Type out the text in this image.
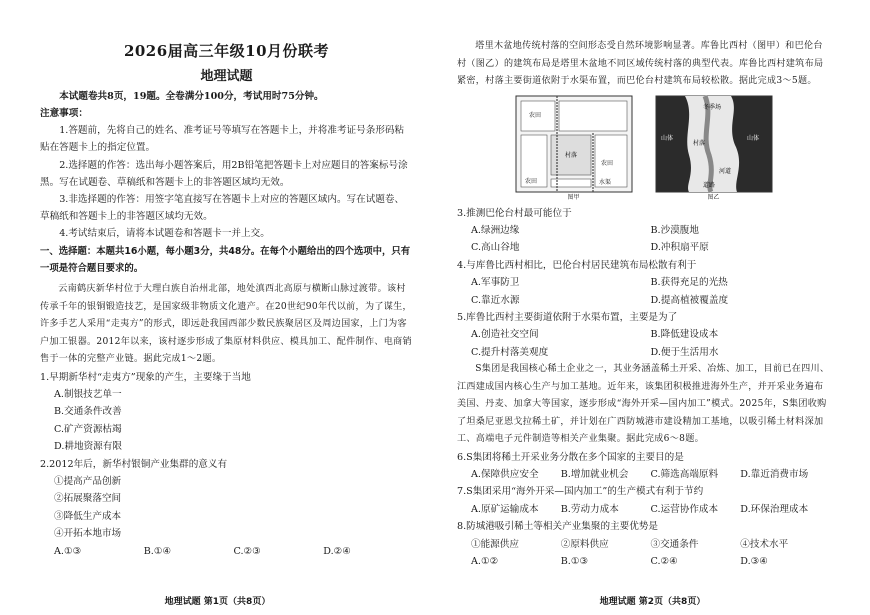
2026届高三年级10月份联考
地理试题
本试题卷共8页，19题。全卷满分100分，考试用时75分钟。
注意事项：
1.答题前，先将自己的姓名、准考证号等填写在答题卡上，并将准考证号条形码粘贴在答题卡上的指定位置。
2.选择题的作答：选出每小题答案后，用2B铅笔把答题卡上对应题目的答案标号涂黑。写在试题卷、草稿纸和答题卡上的非答题区域均无效。
3.非选择题的作答：用签字笔直接写在答题卡上对应的答题区域内。写在试题卷、草稿纸和答题卡上的非答题区域均无效。
4.考试结束后，请将本试题卷和答题卡一并上交。
一、选择题：本题共16小题，每小题3分，共48分。在每个小题给出的四个选项中，只有一项是符合题目要求的。
云南鹤庆新华村位于大理白族自治州北部，地处滇西北高原与横断山脉过渡带。该村传承千年的银铜锻造技艺，是国家级非物质文化遗产。在20世纪90年代以前，为了谋生，许多手艺人采用“走夷方”的形式，即远赴我国西部少数民族聚居区及周边国家，上门为客户加工银器。2012年以来，该村逐步形成了集原材料供应、模具加工、配件制作、电商销售于一体的完整产业链。据此完成1～2题。
1.早期新华村“走夷方”现象的产生，主要缘于当地
A.制银技艺单一
B.交通条件改善
C.矿产资源枯竭
D.耕地资源有限
2.2012年后，新华村银铜产业集群的意义有
①提高产品创新
②拓展聚落空间
③降低生产成本
④开拓本地市场
A.①③	B.①④	C.②③	D.②④
地理试题 第1页（共8页）
塔里木盆地传统村落的空间形态受自然环境影响显著。库鲁比西村（图甲）和巴伦台村（图乙）的建筑布局是塔里木盆地不同区域传统村落的典型代表。库鲁比西村建筑布局紧密，村落主要街道依附于水渠布置，而巴伦台村建筑布局较松散。据此完成3～5题。
农田
村落
农田
农田
水渠
图甲
冬季场
村落
山体	山体
河道
道路
图乙
3.推测巴伦台村最可能位于
A.绿洲边缘	B.沙漠腹地
C.高山谷地	D.冲积扇平原
4.与库鲁比西村相比，巴伦台村居民建筑布局松散有利于
A.军事防卫	B.获得充足的光热
C.靠近水源	D.提高植被覆盖度
5.库鲁比西村主要街道依附于水渠布置，主要是为了
A.创造社交空间	B.降低建设成本
C.提升村落美观度	D.便于生活用水
S集团是我国核心稀土企业之一，其业务涵盖稀土开采、冶炼、加工，目前已在四川、江西建成国内核心生产与加工基地。近年来，该集团积极推进海外生产，并开采业务遍布美国、丹麦、加拿大等国家，逐步形成“海外开采—国内加工”模式。2025年，S集团收购了坦桑尼亚恩戈拉稀土矿，并计划在广西防城港市建设精加工基地，以吸引稀土材料深加工、高端电子元件制造等相关产业集聚。据此完成6～8题。
6.S集团将稀土开采业务分散在多个国家的主要目的是
A.保障供应安全	B.增加就业机会	C.筛选高端原料	D.靠近消费市场
7.S集团采用“海外开采—国内加工”的生产模式有利于节约
A.原矿运输成本	B.劳动力成本	C.运营协作成本	D.环保治理成本
8.防城港吸引稀土等相关产业集聚的主要优势是
①能源供应	②原料供应	③交通条件	④技术水平
A.①②	B.①③	C.②④	D.③④
地理试题 第2页（共8页）
